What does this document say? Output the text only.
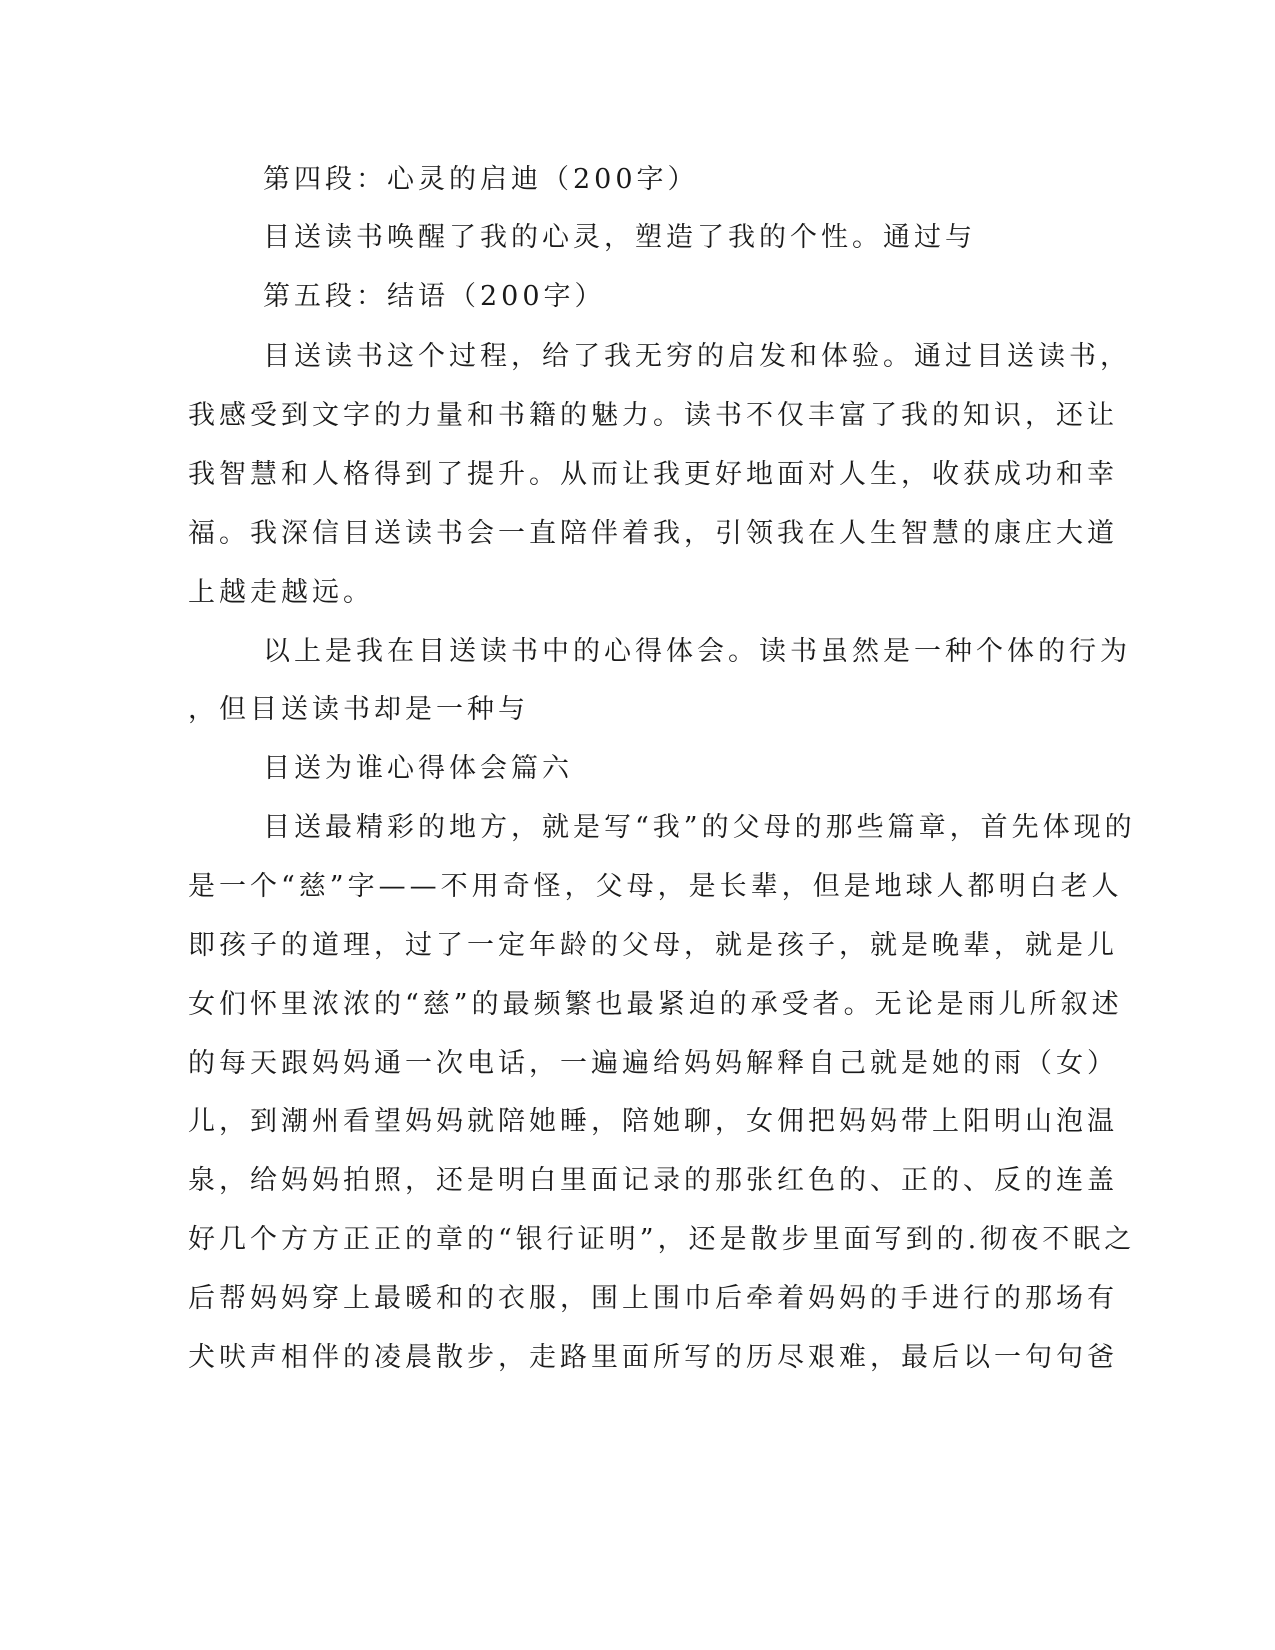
第四段：心灵的启迪（200字）

目送读书唤醒了我的心灵，塑造了我的个性。通过与

第五段：结语（200字）

目送读书这个过程，给了我无穷的启发和体验。通过目送读书，

我感受到文字的力量和书籍的魅力。读书不仅丰富了我的知识，还让

我智慧和人格得到了提升。从而让我更好地面对人生，收获成功和幸

福。我深信目送读书会一直陪伴着我，引领我在人生智慧的康庄大道

上越走越远。

以上是我在目送读书中的心得体会。读书虽然是一种个体的行为

，但目送读书却是一种与

目送为谁心得体会篇六

目送最精彩的地方，就是写“我”的父母的那些篇章，首先体现的

是一个“慈”字——不用奇怪，父母，是长辈，但是地球人都明白老人

即孩子的道理，过了一定年龄的父母，就是孩子，就是晚辈，就是儿

女们怀里浓浓的“慈”的最频繁也最紧迫的承受者。无论是雨儿所叙述

的每天跟妈妈通一次电话，一遍遍给妈妈解释自己就是她的雨（女）

儿，到潮州看望妈妈就陪她睡，陪她聊，女佣把妈妈带上阳明山泡温

泉，给妈妈拍照，还是明白里面记录的那张红色的、正的、反的连盖

好几个方方正正的章的“银行证明”，还是散步里面写到的.彻夜不眠之

后帮妈妈穿上最暖和的衣服，围上围巾后牵着妈妈的手进行的那场有

犬吠声相伴的凌晨散步，走路里面所写的历尽艰难，最后以一句句爸
